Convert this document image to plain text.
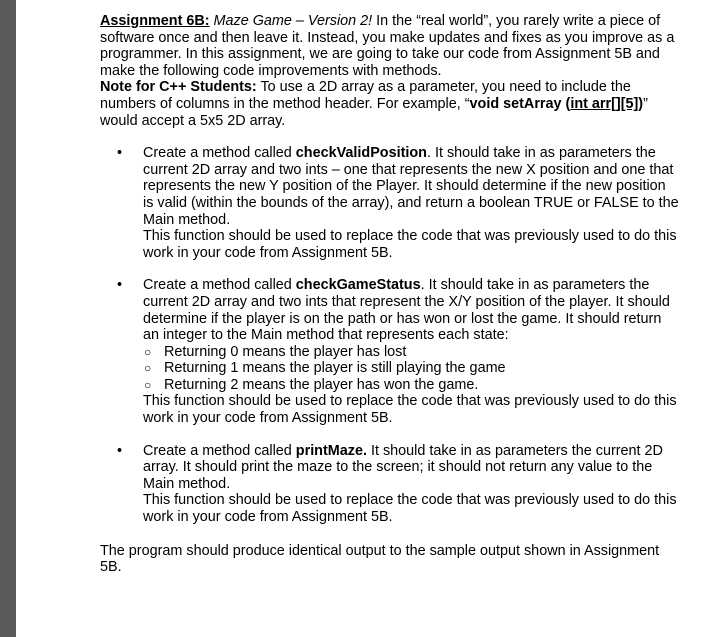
Assignment 6B: Maze Game – Version 2! In the “real world”, you rarely write a piece of software once and then leave it. Instead, you make updates and fixes as you improve as a programmer. In this assignment, we are going to take our code from Assignment 5B and make the following code improvements with methods.

Note for C++ Students: To use a 2D array as a parameter, you need to include the numbers of columns in the method header. For example, “void setArray (int arr[][5])” would accept a 5x5 2D array.

• Create a method called checkValidPosition. It should take in as parameters the current 2D array and two ints – one that represents the new X position and one that represents the new Y position of the Player. It should determine if the new position is valid (within the bounds of the array), and return a boolean TRUE or FALSE to the Main method.

This function should be used to replace the code that was previously used to do this work in your code from Assignment 5B.

• Create a method called checkGameStatus. It should take in as parameters the current 2D array and two ints that represent the X/Y position of the player. It should determine if the player is on the path or has won or lost the game. It should return an integer to the Main method that represents each state:

○ Returning 0 means the player has lost
○ Returning 1 means the player is still playing the game
○ Returning 2 means the player has won the game.

This function should be used to replace the code that was previously used to do this work in your code from Assignment 5B.

• Create a method called printMaze. It should take in as parameters the current 2D array. It should print the maze to the screen; it should not return any value to the Main method.

This function should be used to replace the code that was previously used to do this work in your code from Assignment 5B.

The program should produce identical output to the sample output shown in Assignment 5B.
